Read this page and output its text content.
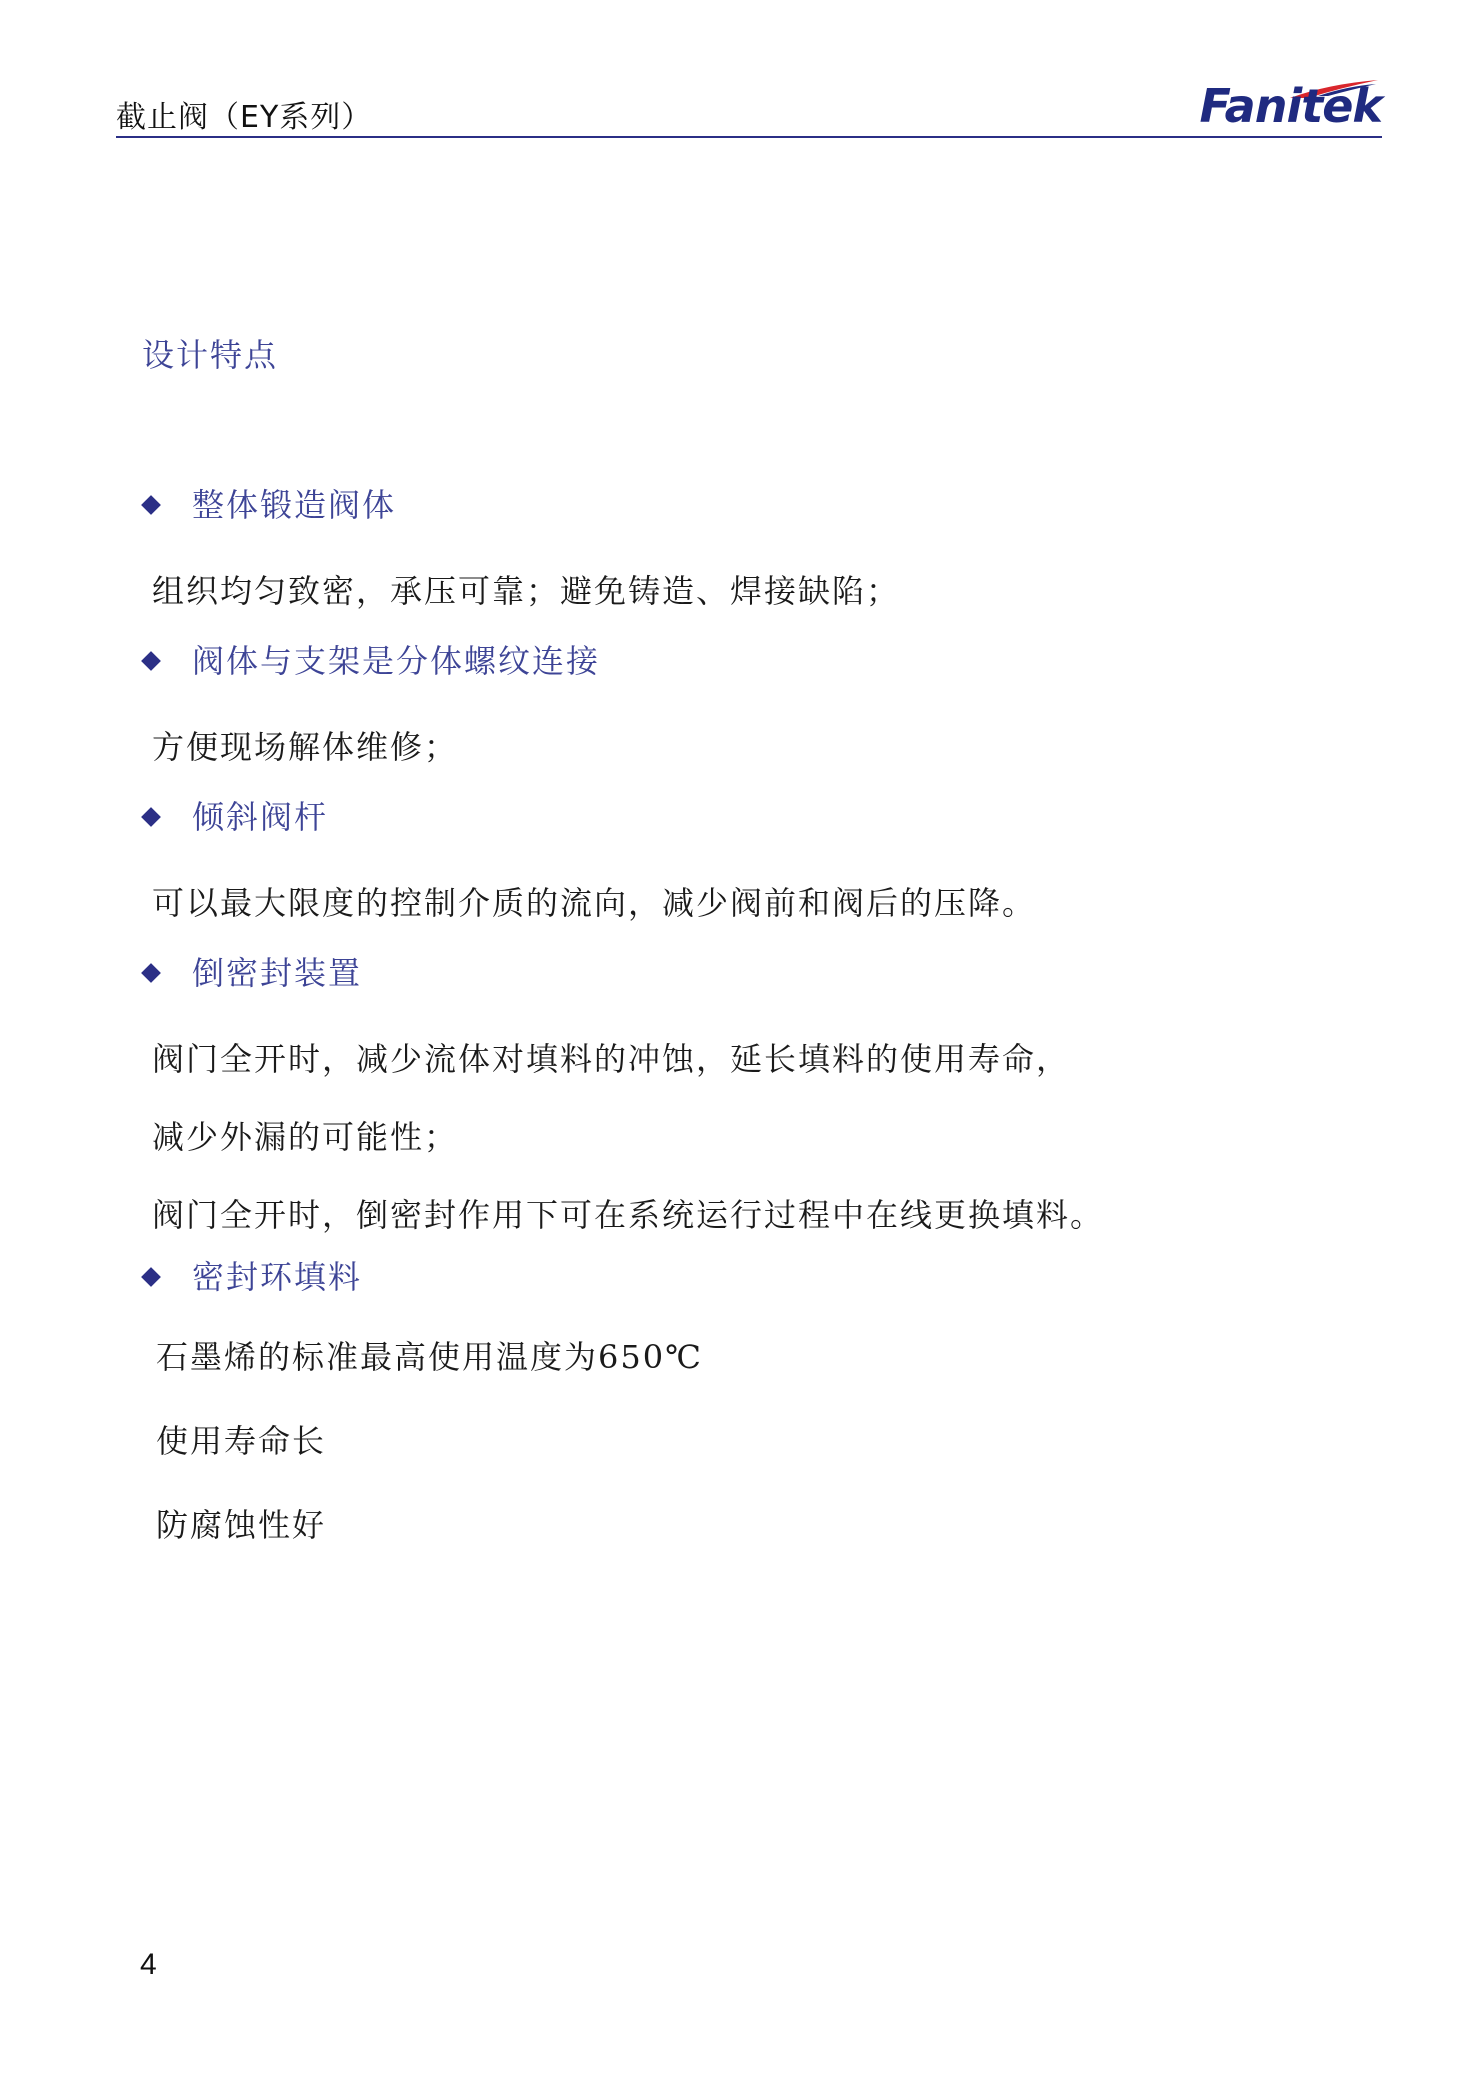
截止阀（EY系列）	Fanitek
设计特点
整体锻造阀体
组织均匀致密，承压可靠；避免铸造、焊接缺陷；
阀体与支架是分体螺纹连接
方便现场解体维修；
倾斜阀杆
可以最大限度的控制介质的流向，减少阀前和阀后的压降。
倒密封装置
阀门全开时，减少流体对填料的冲蚀，延长填料的使用寿命，
减少外漏的可能性；
阀门全开时，倒密封作用下可在系统运行过程中在线更换填料。
密封环填料
石墨烯的标准最高使用温度为650℃
使用寿命长
防腐蚀性好
4
